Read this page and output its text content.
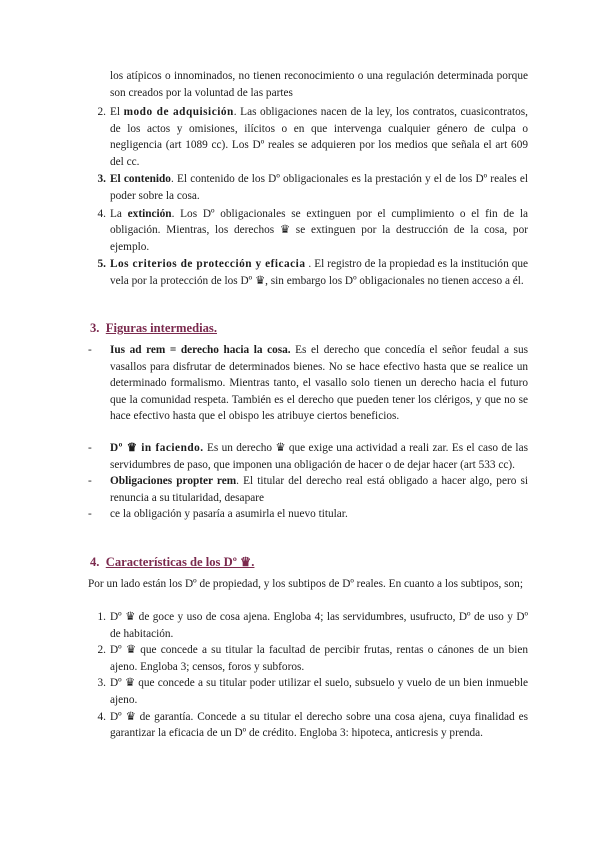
los atípicos o innominados, no tienen reconocimiento o una regulación determinada porque son creados por la voluntad de las partes
2. El modo de adquisición. Las obligaciones nacen de la ley, los contratos, cuasicontratos, de los actos y omisiones, ilícitos o en que intervenga cualquier género de culpa o negligencia (art 1089 cc). Los Dº reales se adquieren por los medios que señala el art 609 del cc.
3. El contenido. El contenido de los Dº obligacionales es la prestación y el de los Dº reales el poder sobre la cosa.
4. La extinción. Los Dº obligacionales se extinguen por el cumplimiento o el fin de la obligación. Mientras, los derechos ♛ se extinguen por la destrucción de la cosa, por ejemplo.
5. Los criterios de protección y eficacia . El registro de la propiedad es la institución que vela por la protección de los Dº ♛, sin embargo los Dº obligacionales no tienen acceso a él.
3. Figuras intermedias.
- Ius ad rem = derecho hacia la cosa. Es el derecho que concedía el señor feudal a sus vasallos para disfrutar de determinados bienes. No se hace efectivo hasta que se realice un determinado formalismo. Mientras tanto, el vasallo solo tienen un derecho hacia el futuro que la comunidad respeta. También es el derecho que pueden tener los clérigos, y que no se hace efectivo hasta que el obispo les atribuye ciertos beneficios.
- Dº ♛ in faciendo. Es un derecho ♛ que exige una actividad a reali zar. Es el caso de las servidumbres de paso, que imponen una obligación de hacer o de dejar hacer (art 533 cc).
- Obligaciones propter rem. El titular del derecho real está obligado a hacer algo, pero si renuncia a su titularidad, desapare
- ce la obligación y pasaría a asumirla el nuevo titular.
4. Características de los Dº ♛.
Por un lado están los Dº de propiedad, y los subtipos de Dº reales. En cuanto a los subtipos, son;
1. Dº ♛ de goce y uso de cosa ajena. Engloba 4; las servidumbres, usufructo, Dº de uso y Dº de habitación.
2. Dº ♛ que concede a su titular la facultad de percibir frutas, rentas o cánones de un bien ajeno. Engloba 3; censos, foros y subforos.
3. Dº ♛ que concede a su titular poder utilizar el suelo, subsuelo y vuelo de un bien inmueble ajeno.
4. Dº ♛ de garantía. Concede a su titular el derecho sobre una cosa ajena, cuya finalidad es garantizar la eficacia de un Dº de crédito. Engloba 3: hipoteca, anticresis y prenda.
